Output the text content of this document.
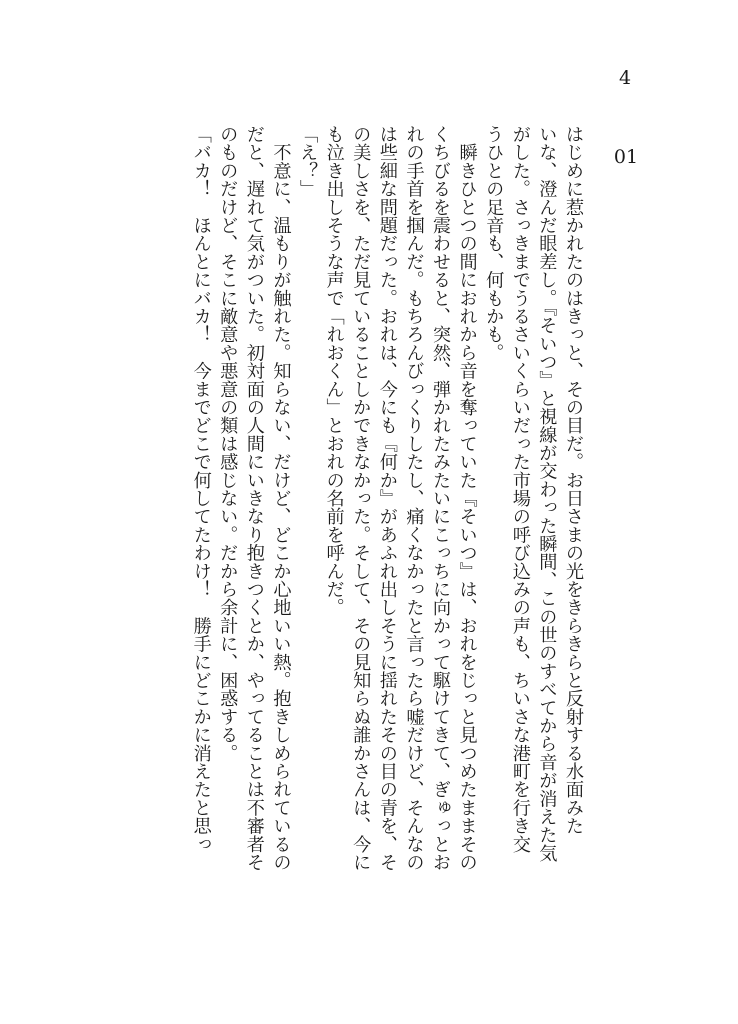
4
01

はじめに惹かれたのはきっと、その目だ。お日さまの光をきらきらと反射する水面みた

いな、澄んだ眼差し。『そいつ』と視線が交わった瞬間、この世のすべてから音が消えた気

がした。さっきまでうるさいくらいだった市場の呼び込みの声も、ちいさな港町を行き交

うひとの足音も、何もかも。

　瞬きひとつの間におれから音を奪っていた『そいつ』は、おれをじっと見つめたままその

くちびるを震わせると、突然、弾かれたみたいにこっちに向かって駆けてきて、ぎゅっとお

れの手首を掴んだ。もちろんびっくりしたし、痛くなかったと言ったら嘘だけど、そんなの

は些細な問題だった。おれは、今にも『何か』があふれ出しそうに揺れたその目の青を、そ

の美しさを、ただ見ていることしかできなかった。そして、その見知らぬ誰かさんは、今に

も泣き出しそうな声で「れおくん」とおれの名前を呼んだ。

「え？」

　不意に、温もりが触れた。知らない、だけど、どこか心地いい熱。抱きしめられているの

だと、遅れて気がついた。初対面の人間にいきなり抱きつくとか、やってることは不審者そ

のものだけど、そこに敵意や悪意の類は感じない。だから余計に、困惑する。

「バカ！　ほんとにバカ！　今までどこで何してたわけ！　勝手にどこかに消えたと思っ
